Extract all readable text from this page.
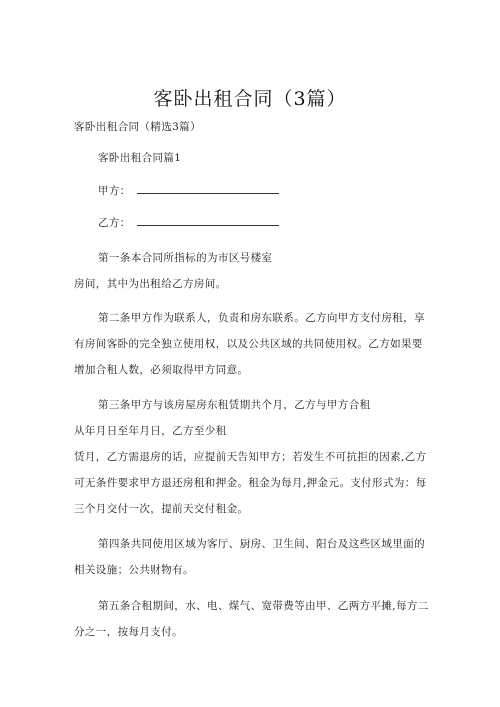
客卧出租合同（3篇）
客卧出租合同（精选3篇）
客卧出租合同篇1
甲方：
乙方：
第一条本合同所指标的为市区号楼室
房间，其中为出租给乙方房间。
第二条甲方作为联系人，负责和房东联系。乙方向甲方支付房租，享
有房间客卧的完全独立使用权，以及公共区域的共同使用权。乙方如果要
增加合租人数，必须取得甲方同意。
第三条甲方与该房屋房东租赁期共个月，乙方与甲方合租
从年月日至年月日，乙方至少租
赁月，乙方需退房的话，应提前天告知甲方；若发生不可抗拒的因素,乙方
可无条件要求甲方退还房租和押金。租金为每月,押金元。支付形式为：每
三个月交付一次，提前天交付租金。
第四条共同使用区域为客厅、厨房、卫生间、阳台及这些区域里面的
相关设施；公共财物有。
第五条合租期间，水、电、煤气、宽带费等由甲、乙两方平摊,每方二
分之一，按每月支付。
